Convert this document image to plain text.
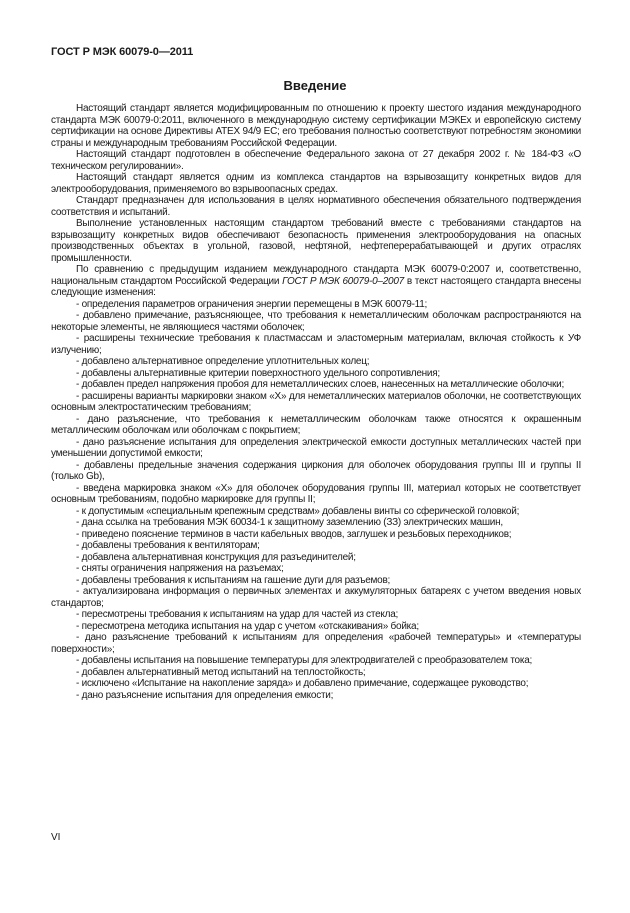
ГОСТ Р МЭК 60079-0—2011
Введение

Настоящий стандарт является модифицированным по отношению к проекту шестого издания международного стандарта МЭК 60079-0:2011, включенного в международную систему сертификации МЭКEx и европейскую систему сертификации на основе Директивы ATEX 94/9 EC; его требования полностью соответствуют потребностям экономики страны и международным требованиям Российской Федерации.

Настоящий стандарт подготовлен в обеспечение Федерального закона от 27 декабря 2002 г. № 184-ФЗ «О техническом регулировании».

Настоящий стандарт является одним из комплекса стандартов на взрывозащиту конкретных видов для электрооборудования, применяемого во взрывоопасных средах.

Стандарт предназначен для использования в целях нормативного обеспечения обязательного подтверждения соответствия и испытаний.

Выполнение установленных настоящим стандартом требований вместе с требованиями стандартов на взрывозащиту конкретных видов обеспечивают безопасность применения электрооборудования на опасных производственных объектах в угольной, газовой, нефтяной, нефтеперерабатывающей и других отраслях промышленности.

По сравнению с предыдущим изданием международного стандарта МЭК 60079-0:2007 и, соответственно, национальным стандартом Российской Федерации ГОСТ Р МЭК 60079-0–2007 в текст настоящего стандарта внесены следующие изменения:

- определения параметров ограничения энергии перемещены в МЭК 60079-11;

- добавлено примечание, разъясняющее, что требования к неметаллическим оболочкам распространяются на некоторые элементы, не являющиеся частями оболочек;

- расширены технические требования к пластмассам и эластомерным материалам, включая стойкость к УФ излучению;

- добавлено альтернативное определение уплотнительных колец;

- добавлены альтернативные критерии поверхностного удельного сопротивления;

- добавлен предел напряжения пробоя для неметаллических слоев, нанесенных на металлические оболочки;

- расширены варианты маркировки знаком «X» для неметаллических материалов оболочки, не соответствующих основным электростатическим требованиям;

- дано разъяснение, что требования к неметаллическим оболочкам также относятся к окрашенным металлическим оболочкам или оболочкам с покрытием;

- дано разъяснение испытания для определения электрической емкости доступных металлических частей при уменьшении допустимой емкости;

- добавлены предельные значения содержания циркония для оболочек оборудования группы III и группы II (только Gb),

- введена маркировка знаком «X» для оболочек оборудования группы III, материал которых не соответствует основным требованиям, подобно маркировке для группы II;

- к допустимым «специальным крепежным средствам» добавлены винты со сферической головкой;

- дана ссылка на требования МЭК 60034-1 к защитному заземлению (ЗЗ) электрических машин,

- приведено пояснение терминов в части кабельных вводов, заглушек и резьбовых переходников;

- добавлены требования к вентиляторам;

- добавлена альтернативная конструкция для разъединителей;

- сняты ограничения напряжения на разъемах;

- добавлены требования к испытаниям на гашение дуги для разъемов;

- актуализирована информация о первичных элементах и аккумуляторных батареях с учетом введения новых стандартов;

- пересмотрены требования к испытаниям на удар для частей из стекла;

- пересмотрена методика испытания на удар с учетом «отскакивания» бойка;

- дано разъяснение требований к испытаниям для определения «рабочей температуры» и «температуры поверхности»;

- добавлены испытания на повышение температуры для электродвигателей с преобразователем тока;

- добавлен альтернативный метод испытаний на теплостойкость;

- исключено «Испытание на накопление заряда» и добавлено примечание, содержащее руководство;

- дано разъяснение испытания для определения емкости;

VI
